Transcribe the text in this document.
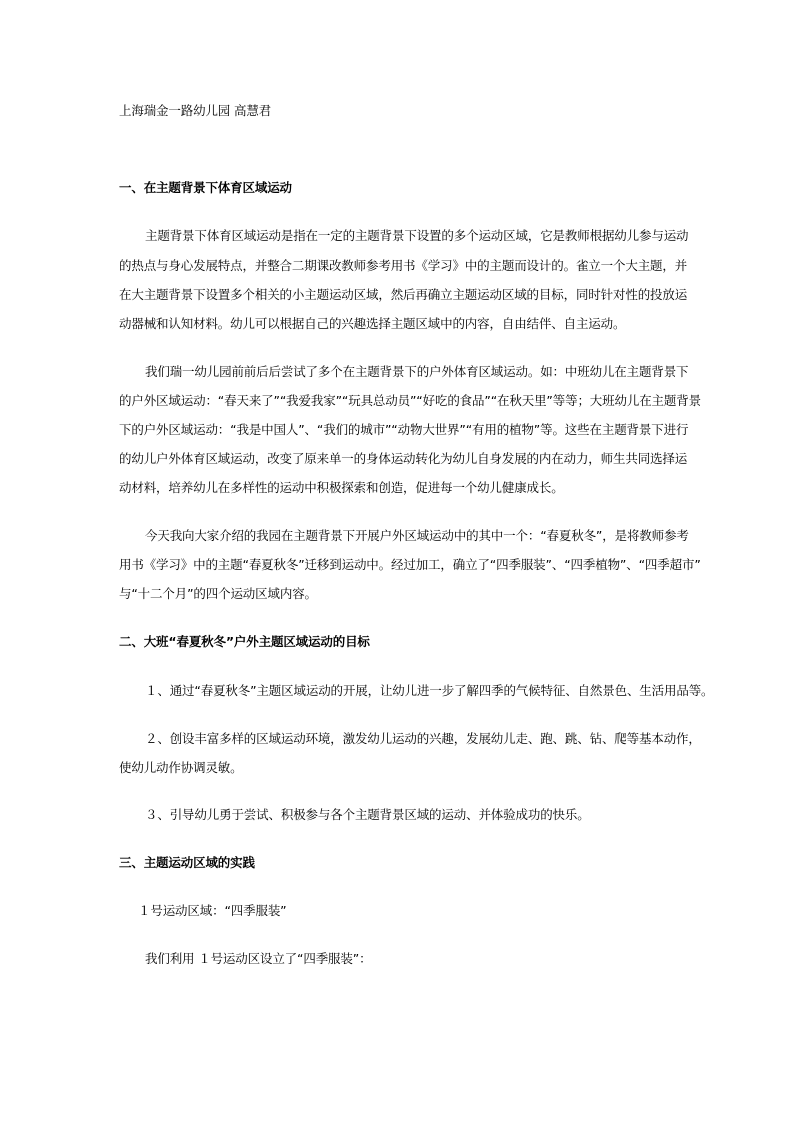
上海瑞金一路幼儿园 高慧君
一、在主题背景下体育区域运动
主题背景下体育区域运动是指在一定的主题背景下设置的多个运动区域，它是教师根据幼儿参与运动
的热点与身心发展特点，并整合二期课改教师参考用书《学习》中的主题而设计的。雀立一个大主题，并
在大主题背景下设置多个相关的小主题运动区域，然后再确立主题运动区域的目标，同时针对性的投放运
动器械和认知材料。幼儿可以根据自己的兴趣选择主题区域中的内容，自由结伴、自主运动。
我们瑞一幼儿园前前后后尝试了多个在主题背景下的户外体育区域运动。如：中班幼儿在主题背景下
的户外区域运动：“春天来了”“我爱我家”“玩具总动员”“好吃的食品”“在秋天里”等等；大班幼儿在主题背景
下的户外区域运动：“我是中国人”、“我们的城市”“动物大世界”“有用的植物”等。这些在主题背景下进行
的幼儿户外体育区域运动，改变了原来单一的身体运动转化为幼儿自身发展的内在动力，师生共同选择运
动材料，培养幼儿在多样性的运动中积极探索和创造，促进每一个幼儿健康成长。
今天我向大家介绍的我园在主题背景下开展户外区域运动中的其中一个：“春夏秋冬”，是将教师参考
用书《学习》中的主题“春夏秋冬”迁移到运动中。经过加工，确立了“四季服装”、“四季植物”、“四季超市”
与“十二个月”的四个运动区域内容。
二、大班“春夏秋冬”户外主题区域运动的目标
１、通过“春夏秋冬”主题区域运动的开展，让幼儿进一步了解四季的气候特征、自然景色、生活用品等。
２、创设丰富多样的区域运动环境，激发幼儿运动的兴趣，发展幼儿走、跑、跳、钻、爬等基本动作，
使幼儿动作协调灵敏。
３、引导幼儿勇于尝试、积极参与各个主题背景区域的运动、并体验成功的快乐。
三、主题运动区域的实践
１号运动区域：“四季服装”
我们利用 １号运动区设立了“四季服装”：
